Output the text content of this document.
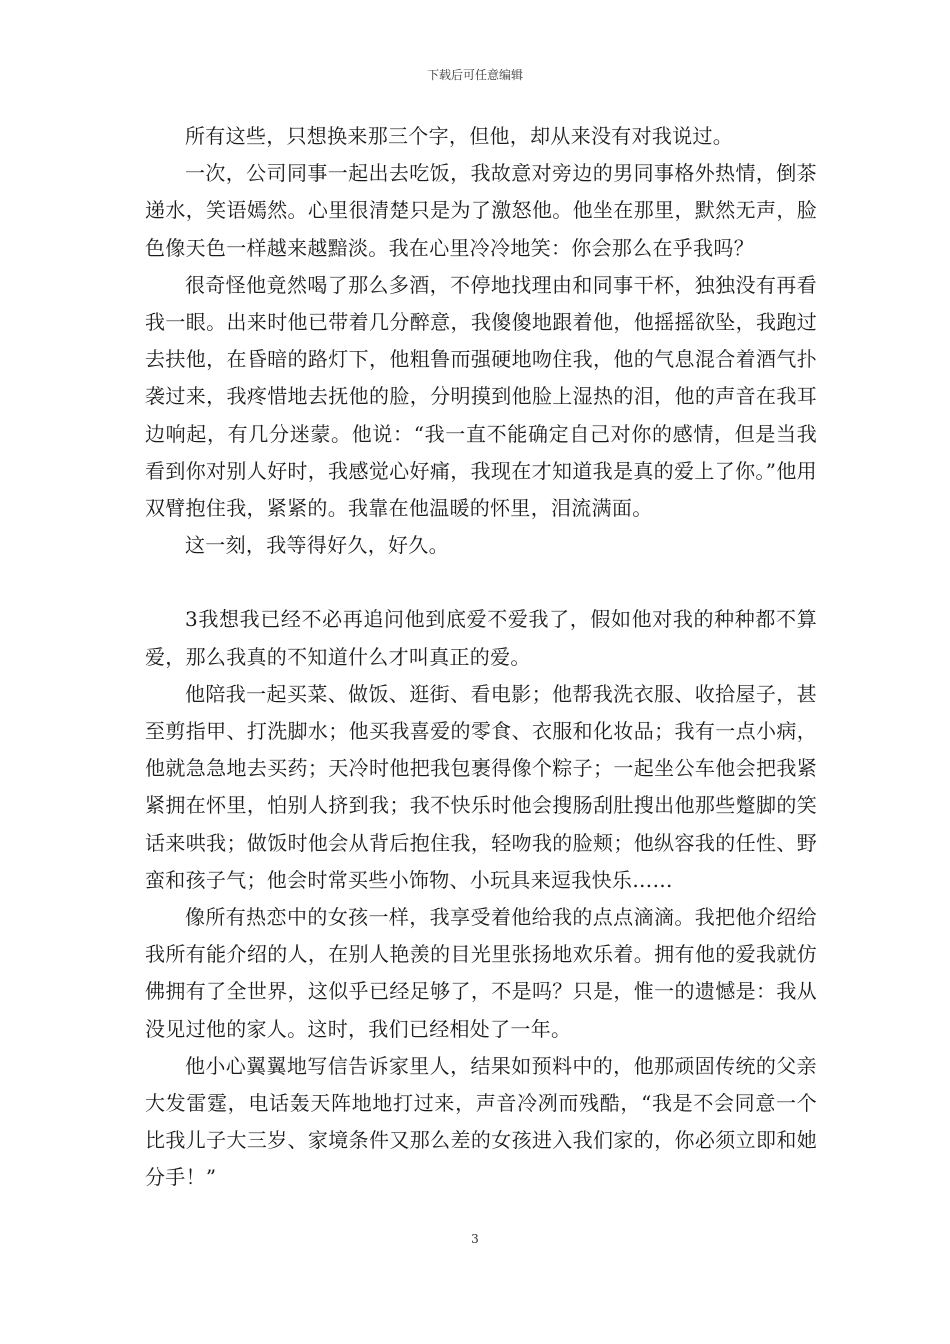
下载后可任意编辑

所有这些，只想换来那三个字，但他，却从来没有对我说过。

一次，公司同事一起出去吃饭，我故意对旁边的男同事格外热情，倒茶递水，笑语嫣然。心里很清楚只是为了激怒他。他坐在那里，默然无声，脸色像天色一样越来越黯淡。我在心里冷冷地笑：你会那么在乎我吗？

很奇怪他竟然喝了那么多酒，不停地找理由和同事干杯，独独没有再看我一眼。出来时他已带着几分醉意，我傻傻地跟着他，他摇摇欲坠，我跑过去扶他，在昏暗的路灯下，他粗鲁而强硬地吻住我，他的气息混合着酒气扑袭过来，我疼惜地去抚他的脸，分明摸到他脸上湿热的泪，他的声音在我耳边响起，有几分迷蒙。他说：“我一直不能确定自己对你的感情，但是当我看到你对别人好时，我感觉心好痛，我现在才知道我是真的爱上了你。”他用双臂抱住我，紧紧的。我靠在他温暖的怀里，泪流满面。

这一刻，我等得好久，好久。

3我想我已经不必再追问他到底爱不爱我了，假如他对我的种种都不算爱，那么我真的不知道什么才叫真正的爱。

他陪我一起买菜、做饭、逛街、看电影；他帮我洗衣服、收拾屋子，甚至剪指甲、打洗脚水；他买我喜爱的零食、衣服和化妆品；我有一点小病，他就急急地去买药；天冷时他把我包裹得像个粽子；一起坐公车他会把我紧紧拥在怀里，怕别人挤到我；我不快乐时他会搜肠刮肚搜出他那些蹩脚的笑话来哄我；做饭时他会从背后抱住我，轻吻我的脸颊；他纵容我的任性、野蛮和孩子气；他会时常买些小饰物、小玩具来逗我快乐……

像所有热恋中的女孩一样，我享受着他给我的点点滴滴。我把他介绍给我所有能介绍的人，在别人艳羡的目光里张扬地欢乐着。拥有他的爱我就仿佛拥有了全世界，这似乎已经足够了，不是吗？只是，惟一的遗憾是：我从没见过他的家人。这时，我们已经相处了一年。

他小心翼翼地写信告诉家里人，结果如预料中的，他那顽固传统的父亲大发雷霆，电话轰天阵地地打过来，声音冷冽而残酷，“我是不会同意一个比我儿子大三岁、家境条件又那么差的女孩进入我们家的，你必须立即和她分手！”

3
